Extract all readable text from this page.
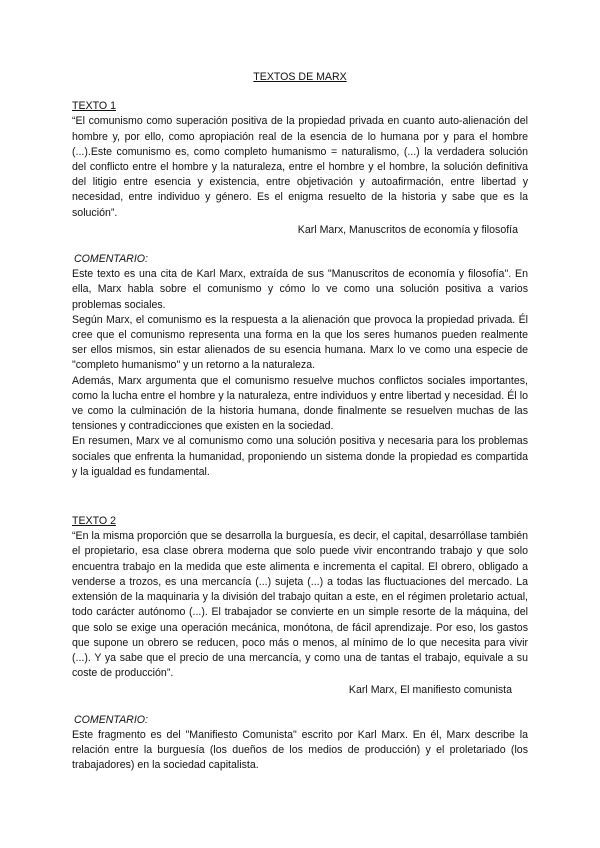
TEXTOS DE MARX

TEXTO 1

“El comunismo como superación positiva de la propiedad privada en cuanto auto-alienación del hombre y, por ello, como apropiación real de la esencia de lo humana por y para el hombre (...).Este comunismo es, como completo humanismo = naturalismo, (...) la verdadera solución del conflicto entre el hombre y la naturaleza, entre el hombre y el hombre, la solución definitiva del litigio entre esencia y existencia, entre objetivación y autoafirmación, entre libertad y necesidad, entre individuo y género. Es el enigma resuelto de la historia y sabe que es la solución”.

Karl Marx, Manuscritos de economía y filosofía

COMENTARIO:

Este texto es una cita de Karl Marx, extraída de sus "Manuscritos de economía y filosofía". En ella, Marx habla sobre el comunismo y cómo lo ve como una solución positiva a varios problemas sociales.

Según Marx, el comunismo es la respuesta a la alienación que provoca la propiedad privada. Él cree que el comunismo representa una forma en la que los seres humanos pueden realmente ser ellos mismos, sin estar alienados de su esencia humana. Marx lo ve como una especie de "completo humanismo" y un retorno a la naturaleza.

Además, Marx argumenta que el comunismo resuelve muchos conflictos sociales importantes, como la lucha entre el hombre y la naturaleza, entre individuos y entre libertad y necesidad. Él lo ve como la culminación de la historia humana, donde finalmente se resuelven muchas de las tensiones y contradicciones que existen en la sociedad.

En resumen, Marx ve al comunismo como una solución positiva y necesaria para los problemas sociales que enfrenta la humanidad, proponiendo un sistema donde la propiedad es compartida y la igualdad es fundamental.

TEXTO 2

“En la misma proporción que se desarrolla la burguesía, es decir, el capital, desarróllase también el propietario, esa clase obrera moderna que solo puede vivir encontrando trabajo y que solo encuentra trabajo en la medida que este alimenta e incrementa el capital. El obrero, obligado a venderse a trozos, es una mercancía (...) sujeta (...) a todas las fluctuaciones del mercado. La extensión de la maquinaria y la división del trabajo quitan a este, en el régimen proletario actual, todo carácter autónomo (...). El trabajador se convierte en un simple resorte de la máquina, del que solo se exige una operación mecánica, monótona, de fácil aprendizaje. Por eso, los gastos que supone un obrero se reducen, poco más o menos, al mínimo de lo que necesita para vivir (...). Y ya sabe que el precio de una mercancía, y como una de tantas el trabajo, equivale a su coste de producción”.

Karl Marx, El manifiesto comunista

COMENTARIO:

Este fragmento es del "Manifiesto Comunista" escrito por Karl Marx. En él, Marx describe la relación entre la burguesía (los dueños de los medios de producción) y el proletariado (los trabajadores) en la sociedad capitalista.
